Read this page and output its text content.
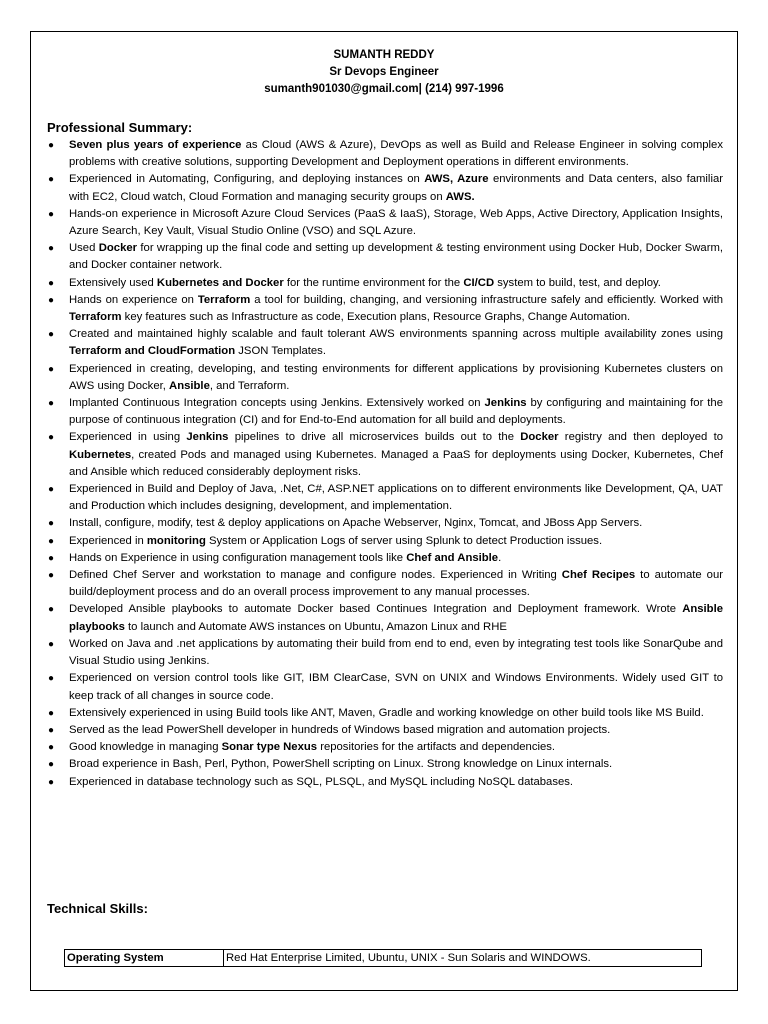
SUMANTH REDDY
Sr Devops Engineer
sumanth901030@gmail.com| (214) 997-1996
Professional Summary:
● Seven plus years of experience as Cloud (AWS & Azure), DevOps as well as Build and Release Engineer in solving complex problems with creative solutions, supporting Development and Deployment operations in different environments.
● Experienced in Automating, Configuring, and deploying instances on AWS, Azure environments and Data centers, also familiar with EC2, Cloud watch, Cloud Formation and managing security groups on AWS.
● Hands-on experience in Microsoft Azure Cloud Services (PaaS & IaaS), Storage, Web Apps, Active Directory, Application Insights, Azure Search, Key Vault, Visual Studio Online (VSO) and SQL Azure.
● Used Docker for wrapping up the final code and setting up development & testing environment using Docker Hub, Docker Swarm, and Docker container network.
● Extensively used Kubernetes and Docker for the runtime environment for the CI/CD system to build, test, and deploy.
● Hands on experience on Terraform a tool for building, changing, and versioning infrastructure safely and efficiently. Worked with Terraform key features such as Infrastructure as code, Execution plans, Resource Graphs, Change Automation.
● Created and maintained highly scalable and fault tolerant AWS environments spanning across multiple availability zones using Terraform and CloudFormation JSON Templates.
● Experienced in creating, developing, and testing environments for different applications by provisioning Kubernetes clusters on AWS using Docker, Ansible, and Terraform.
● Implanted Continuous Integration concepts using Jenkins. Extensively worked on Jenkins by configuring and maintaining for the purpose of continuous integration (CI) and for End-to-End automation for all build and deployments.
● Experienced in using Jenkins pipelines to drive all microservices builds out to the Docker registry and then deployed to Kubernetes, created Pods and managed using Kubernetes. Managed a PaaS for deployments using Docker, Kubernetes, Chef and Ansible which reduced considerably deployment risks.
● Experienced in Build and Deploy of Java, .Net, C#, ASP.NET applications on to different environments like Development, QA, UAT and Production which includes designing, development, and implementation.
● Install, configure, modify, test & deploy applications on Apache Webserver, Nginx, Tomcat, and JBoss App Servers.
● Experienced in monitoring System or Application Logs of server using Splunk to detect Production issues.
● Hands on Experience in using configuration management tools like Chef and Ansible.
● Defined Chef Server and workstation to manage and configure nodes. Experienced in Writing Chef Recipes to automate our build/deployment process and do an overall process improvement to any manual processes.
● Developed Ansible playbooks to automate Docker based Continues Integration and Deployment framework. Wrote Ansible playbooks to launch and Automate AWS instances on Ubuntu, Amazon Linux and RHE
● Worked on Java and .net applications by automating their build from end to end, even by integrating test tools like SonarQube and Visual Studio using Jenkins.
● Experienced on version control tools like GIT, IBM ClearCase, SVN on UNIX and Windows Environments. Widely used GIT to keep track of all changes in source code.
● Extensively experienced in using Build tools like ANT, Maven, Gradle and working knowledge on other build tools like MS Build.
● Served as the lead PowerShell developer in hundreds of Windows based migration and automation projects.
● Good knowledge in managing Sonar type Nexus repositories for the artifacts and dependencies.
● Broad experience in Bash, Perl, Python, PowerShell scripting on Linux. Strong knowledge on Linux internals.
● Experienced in database technology such as SQL, PLSQL, and MySQL including NoSQL databases.
Technical Skills:
Operating System	Red Hat Enterprise Limited, Ubuntu, UNIX - Sun Solaris and WINDOWS.
